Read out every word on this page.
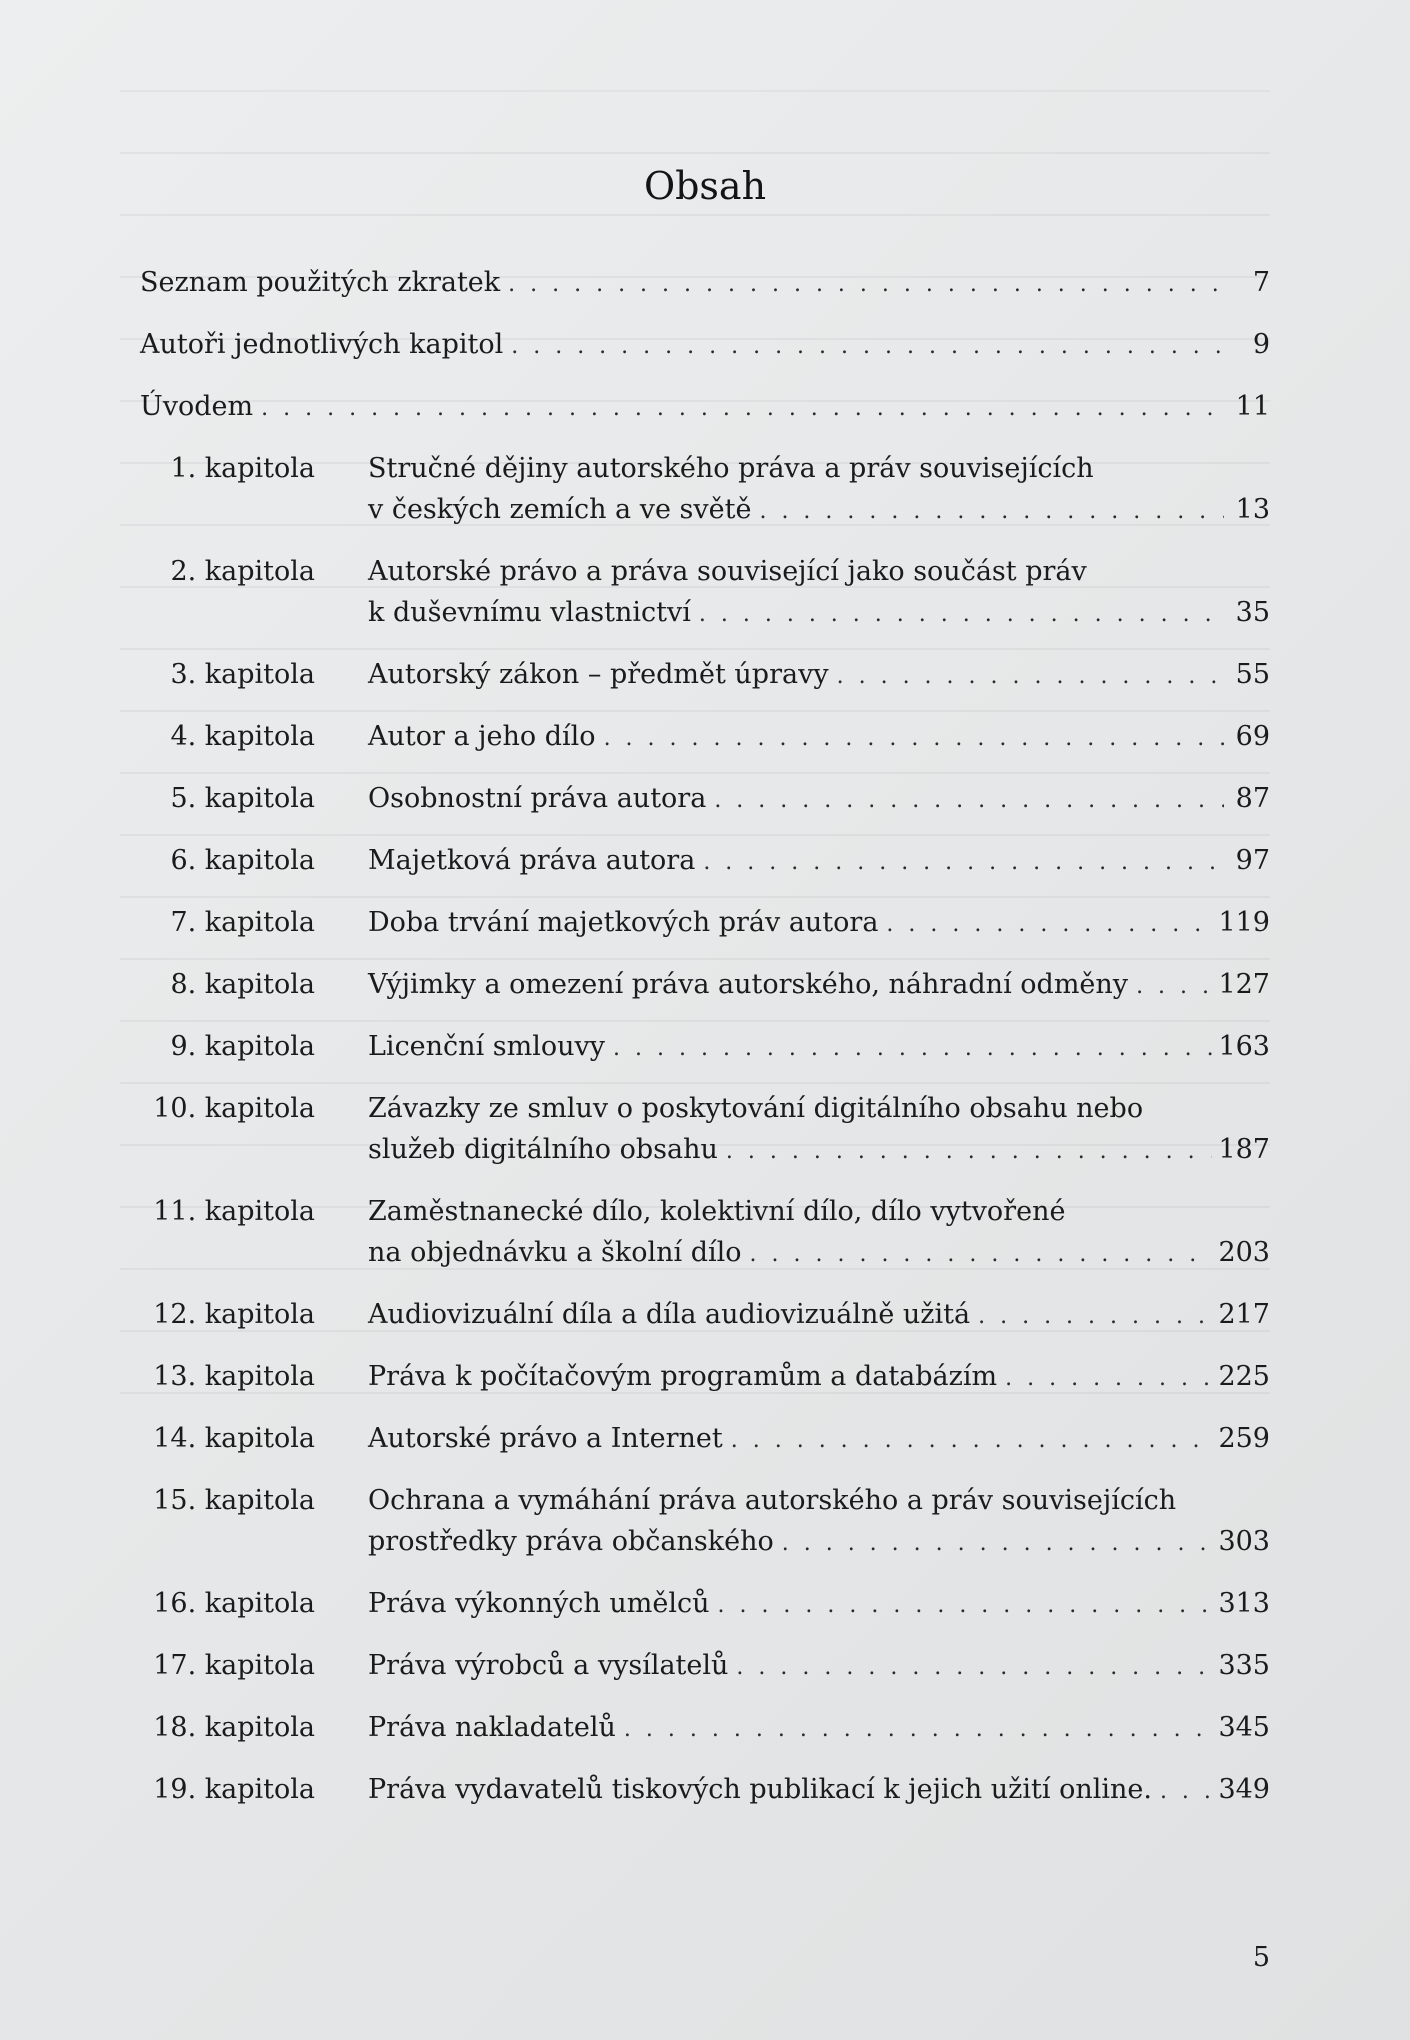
Obsah
Seznam použitých zkratek . . .	7
Autoři jednotlivých kapitol . . .	9
Úvodem . . .	11
1. kapitola Stručné dějiny autorského práva a práv souvisejících
v českých zemích a ve světě . . .	13
2. kapitola Autorské právo a práva související jako součást práv
k duševnímu vlastnictví . . .	35
3. kapitola Autorský zákon – předmět úpravy . . .	55
4. kapitola Autor a jeho dílo . . .	69
5. kapitola Osobnostní práva autora . . .	87
6. kapitola Majetková práva autora . . .	97
7. kapitola Doba trvání majetkových práv autora . . .	119
8. kapitola Výjimky a omezení práva autorského, náhradní odměny . . .	127
9. kapitola Licenční smlouvy . . .	163
10. kapitola Závazky ze smluv o poskytování digitálního obsahu nebo
služeb digitálního obsahu . . .	187
11. kapitola Zaměstnanecké dílo, kolektivní dílo, dílo vytvořené
na objednávku a školní dílo . . .	203
12. kapitola Audiovizuální díla a díla audiovizuálně užitá . . .	217
13. kapitola Práva k počítačovým programům a databázím . . .	225
14. kapitola Autorské právo a Internet . . .	259
15. kapitola Ochrana a vymáhání práva autorského a práv souvisejících
prostředky práva občanského . . .	303
16. kapitola Práva výkonných umělců . . .	313
17. kapitola Práva výrobců a vysílatelů . . .	335
18. kapitola Práva nakladatelů . . .	345
19. kapitola Práva vydavatelů tiskových publikací k jejich užití online. . . . 349
5
